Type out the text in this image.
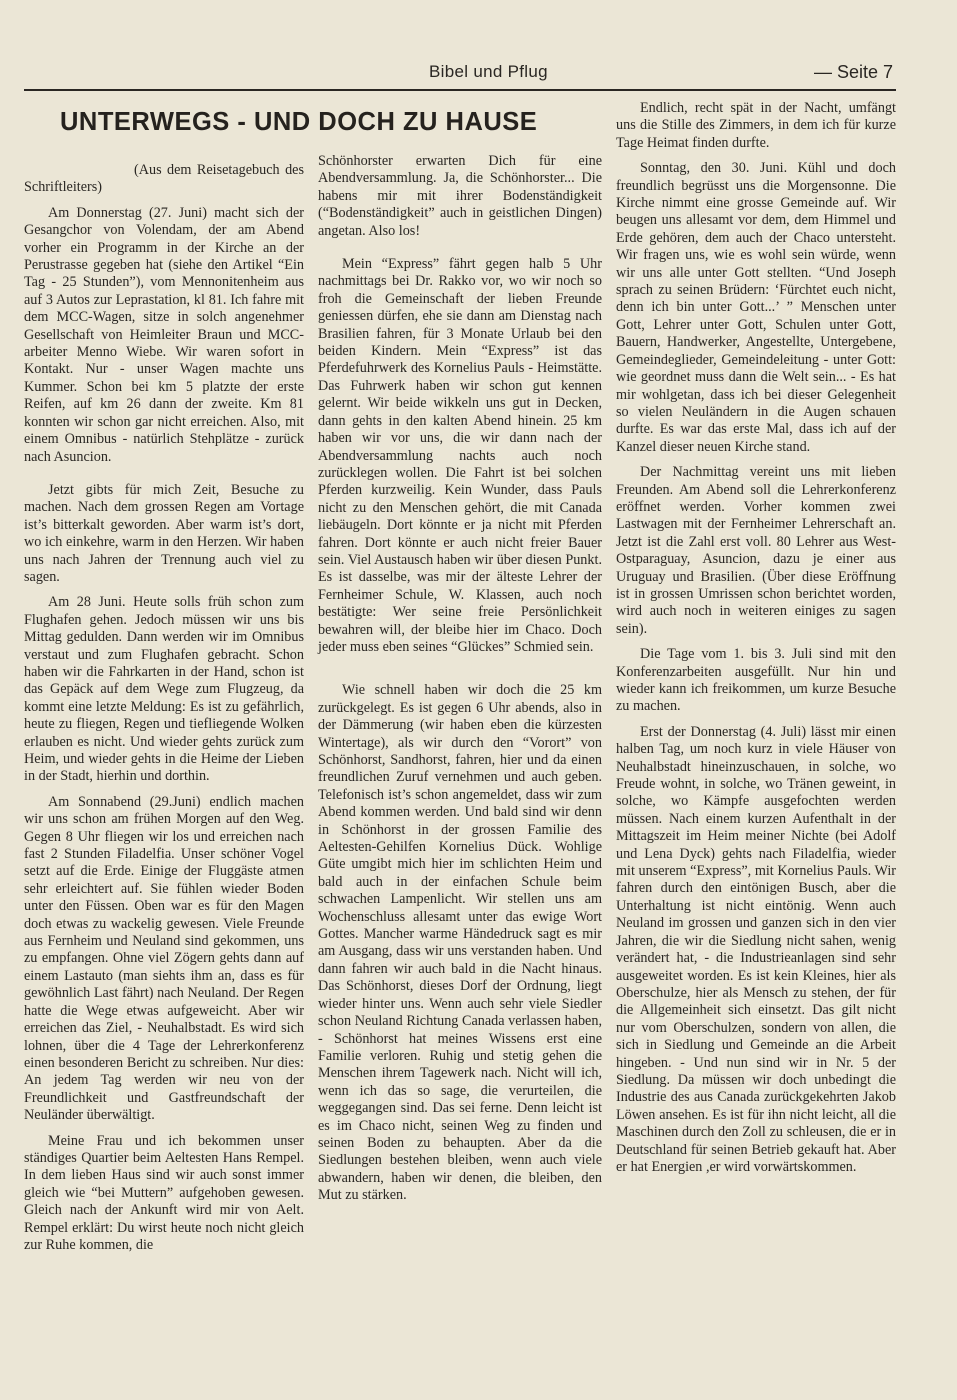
Bibel und Pflug	— Seite 7
UNTERWEGS - UND DOCH ZU HAUSE

(Aus dem Reisetagebuch des Schriftleiters)

Am Donnerstag (27. Juni) macht sich der Gesangchor von Volendam, der am Abend vorher ein Programm in der Kirche an der Perustrasse gegeben hat (siehe den Artikel “Ein Tag - 25 Stunden”), vom Mennonitenheim aus auf 3 Autos zur Leprastation, kl 81. Ich fahre mit dem MCC-Wagen, sitze in solch angenehmer Gesellschaft von Heimleiter Braun und MCC-arbeiter Menno Wiebe. Wir waren sofort in Kontakt. Nur - unser Wagen machte uns Kummer. Schon bei km 5 platzte der erste Reifen, auf km 26 dann der zweite. Km 81 konnten wir schon gar nicht erreichen. Also, mit einem Omnibus - natürlich Stehplätze - zurück nach Asuncion.

Jetzt gibts für mich Zeit, Besuche zu machen. Nach dem grossen Regen am Vortage ist’s bitterkalt geworden. Aber warm ist’s dort, wo ich einkehre, warm in den Herzen. Wir haben uns nach Jahren der Trennung auch viel zu sagen.

Am 28 Juni. Heute solls früh schon zum Flughafen gehen. Jedoch müssen wir uns bis Mittag gedulden. Dann werden wir im Omnibus verstaut und zum Flughafen gebracht. Schon haben wir die Fahrkarten in der Hand, schon ist das Gepäck auf dem Wege zum Flugzeug, da kommt eine letzte Meldung: Es ist zu gefährlich, heute zu fliegen, Regen und tiefliegende Wolken erlauben es nicht. Und wieder gehts zurück zum Heim, und wieder gehts in die Heime der Lieben in der Stadt, hierhin und dorthin.

Am Sonnabend (29.Juni) endlich machen wir uns schon am frühen Morgen auf den Weg. Gegen 8 Uhr fliegen wir los und erreichen nach fast 2 Stunden Filadelfia. Unser schöner Vogel setzt auf die Erde. Einige der Fluggäste atmen sehr erleichtert auf. Sie fühlen wieder Boden unter den Füssen. Oben war es für den Magen doch etwas zu wackelig gewesen. Viele Freunde aus Fernheim und Neuland sind gekommen, uns zu empfangen. Ohne viel Zögern gehts dann auf einem Lastauto (man siehts ihm an, dass es für gewöhnlich Last fährt) nach Neuland. Der Regen hatte die Wege etwas aufgeweicht. Aber wir erreichen das Ziel, - Neuhalbstadt. Es wird sich lohnen, über die 4 Tage der Lehrerkonferenz einen besonderen Bericht zu schreiben. Nur dies: An jedem Tag werden wir neu von der Freundlichkeit und Gastfreundschaft der Neuländer überwältigt.

Meine Frau und ich bekommen unser ständiges Quartier beim Aeltesten Hans Rempel. In dem lieben Haus sind wir auch sonst immer gleich wie “bei Muttern” aufgehoben gewesen. Gleich nach der Ankunft wird mir von Aelt. Rempel erklärt: Du wirst heute noch nicht gleich zur Ruhe kommen, die

Schönhorster erwarten Dich für eine Abendversammlung. Ja, die Schönhorster... Die habens mir mit ihrer Bodenständigkeit (“Bodenständigkeit” auch in geistlichen Dingen) angetan. Also los!

Mein “Express” fährt gegen halb 5 Uhr nachmittags bei Dr. Rakko vor, wo wir noch so froh die Gemeinschaft der lieben Freunde geniessen dürfen, ehe sie dann am Dienstag nach Brasilien fahren, für 3 Monate Urlaub bei den beiden Kindern. Mein “Express” ist das Pferdefuhrwerk des Kornelius Pauls - Heimstätte. Das Fuhrwerk haben wir schon gut kennen gelernt. Wir beide wikkeln uns gut in Decken, dann gehts in den kalten Abend hinein. 25 km haben wir vor uns, die wir dann nach der Abendversammlung nachts auch noch zurücklegen wollen. Die Fahrt ist bei solchen Pferden kurzweilig. Kein Wunder, dass Pauls nicht zu den Menschen gehört, die mit Canada liebäugeln. Dort könnte er ja nicht mit Pferden fahren. Dort könnte er auch nicht freier Bauer sein. Viel Austausch haben wir über diesen Punkt. Es ist dasselbe, was mir der älteste Lehrer der Fernheimer Schule, W. Klassen, auch noch bestätigte: Wer seine freie Persönlichkeit bewahren will, der bleibe hier im Chaco. Doch jeder muss eben seines “Glückes” Schmied sein.

Wie schnell haben wir doch die 25 km zurückgelegt. Es ist gegen 6 Uhr abends, also in der Dämmerung (wir haben eben die kürzesten Wintertage), als wir durch den “Vorort” von Schönhorst, Sandhorst, fahren, hier und da einen freundlichen Zuruf vernehmen und auch geben. Telefonisch ist’s schon angemeldet, dass wir zum Abend kommen werden. Und bald sind wir denn in Schönhorst in der grossen Familie des Aeltesten-Gehilfen Kornelius Dück. Wohlige Güte umgibt mich hier im schlichten Heim und bald auch in der einfachen Schule beim schwachen Lampenlicht. Wir stellen uns am Wochenschluss allesamt unter das ewige Wort Gottes. Mancher warme Händedruck sagt es mir am Ausgang, dass wir uns verstanden haben. Und dann fahren wir auch bald in die Nacht hinaus. Das Schönhorst, dieses Dorf der Ordnung, liegt wieder hinter uns. Wenn auch sehr viele Siedler schon Neuland Richtung Canada verlassen haben, - Schönhorst hat meines Wissens erst eine Familie verloren. Ruhig und stetig gehen die Menschen ihrem Tagewerk nach. Nicht will ich, wenn ich das so sage, die verurteilen, die weggegangen sind. Das sei ferne. Denn leicht ist es im Chaco nicht, seinen Weg zu finden und seinen Boden zu behaupten. Aber da die Siedlungen bestehen bleiben, wenn auch viele abwandern, haben wir denen, die bleiben, den Mut zu stärken.

Endlich, recht spät in der Nacht, umfängt uns die Stille des Zimmers, in dem ich für kurze Tage Heimat finden durfte.

Sonntag, den 30. Juni. Kühl und doch freundlich begrüsst uns die Morgensonne. Die Kirche nimmt eine grosse Gemeinde auf. Wir beugen uns allesamt vor dem, dem Himmel und Erde gehören, dem auch der Chaco untersteht. Wir fragen uns, wie es wohl sein würde, wenn wir uns alle unter Gott stellten. “Und Joseph sprach zu seinen Brüdern: ‘Fürchtet euch nicht, denn ich bin unter Gott...’ ” Menschen unter Gott, Lehrer unter Gott, Schulen unter Gott, Bauern, Handwerker, Angestellte, Untergebene, Gemeindeglieder, Gemeindeleitung - unter Gott: wie geordnet muss dann die Welt sein... - Es hat mir wohlgetan, dass ich bei dieser Gelegenheit so vielen Neuländern in die Augen schauen durfte. Es war das erste Mal, dass ich auf der Kanzel dieser neuen Kirche stand.

Der Nachmittag vereint uns mit lieben Freunden. Am Abend soll die Lehrerkonferenz eröffnet werden. Vorher kommen zwei Lastwagen mit der Fernheimer Lehrerschaft an. Jetzt ist die Zahl erst voll. 80 Lehrer aus West- Ostparaguay, Asuncion, dazu je einer aus Uruguay und Brasilien. (Über diese Eröffnung ist in grossen Umrissen schon berichtet worden, wird auch noch in weiteren einiges zu sagen sein).

Die Tage vom 1. bis 3. Juli sind mit den Konferenzarbeiten ausgefüllt. Nur hin und wieder kann ich freikommen, um kurze Besuche zu machen.

Erst der Donnerstag (4. Juli) lässt mir einen halben Tag, um noch kurz in viele Häuser von Neuhalbstadt hineinzuschauen, in solche, wo Freude wohnt, in solche, wo Tränen geweint, in solche, wo Kämpfe ausgefochten werden müssen. Nach einem kurzen Aufenthalt in der Mittagszeit im Heim meiner Nichte (bei Adolf und Lena Dyck) gehts nach Filadelfia, wieder mit unserem “Express”, mit Kornelius Pauls. Wir fahren durch den eintönigen Busch, aber die Unterhaltung ist nicht eintönig. Wenn auch Neuland im grossen und ganzen sich in den vier Jahren, die wir die Siedlung nicht sahen, wenig verändert hat, - die Industrieanlagen sind sehr ausgeweitet worden. Es ist kein Kleines, hier als Oberschulze, hier als Mensch zu stehen, der für die Allgemeinheit sich einsetzt. Das gilt nicht nur vom Oberschulzen, sondern von allen, die sich in Siedlung und Gemeinde an die Arbeit hingeben. - Und nun sind wir in Nr. 5 der Siedlung. Da müssen wir doch unbedingt die Industrie des aus Canada zurückgekehrten Jakob Löwen ansehen. Es ist für ihn nicht leicht, all die Maschinen durch den Zoll zu schleusen, die er in Deutschland für seinen Betrieb gekauft hat. Aber er hat Energien ,er wird vorwärtskommen.
